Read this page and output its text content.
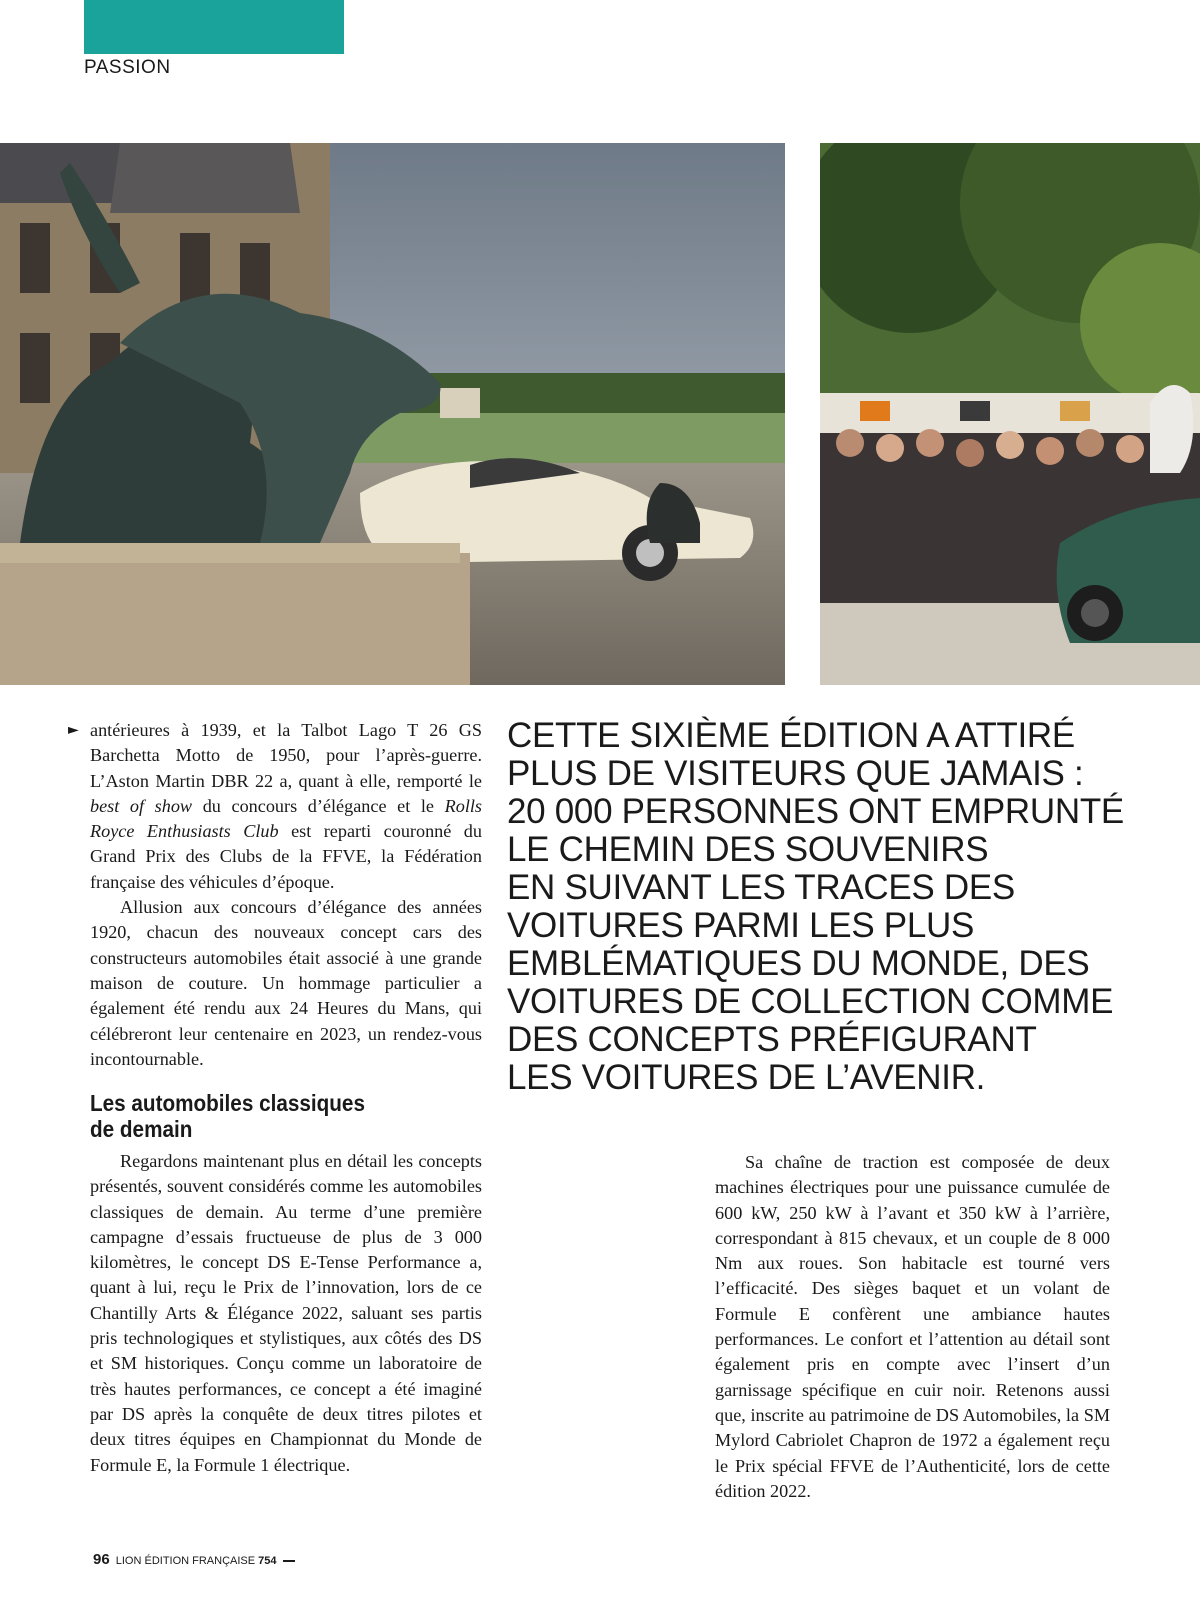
PASSION
► antérieures à 1939, et la Talbot Lago T 26 GS Barchetta Motto de 1950, pour l’après-guerre. L’Aston Martin DBR 22 a, quant à elle, remporté le best of show du concours d’élégance et le Rolls Royce Enthusiasts Club est reparti couronné du Grand Prix des Clubs de la FFVE, la Fédération française des véhicules d’époque.

Allusion aux concours d’élégance des années 1920, chacun des nouveaux concept cars des constructeurs automobiles était associé à une grande maison de couture. Un hommage particulier a également été rendu aux 24 Heures du Mans, qui célébreront leur centenaire en 2023, un rendez-vous incontournable.

Les automobiles classiques
de demain

Regardons maintenant plus en détail les concepts présentés, souvent considérés comme les automobiles classiques de demain. Au terme d’une première campagne d’essais fructueuse de plus de 3 000 kilomètres, le concept DS E-Tense Performance a, quant à lui, reçu le Prix de l’innovation, lors de ce Chantilly Arts & Élégance 2022, saluant ses partis pris technologiques et stylistiques, aux côtés des DS et SM historiques. Conçu comme un laboratoire de très hautes performances, ce concept a été imaginé par DS après la conquête de deux titres pilotes et deux titres équipes en Championnat du Monde de Formule E, la Formule 1 électrique.

CETTE SIXIÈME ÉDITION A ATTIRÉ
PLUS DE VISITEURS QUE JAMAIS :
20 000 PERSONNES ONT EMPRUNTÉ
LE CHEMIN DES SOUVENIRS
EN SUIVANT LES TRACES DES
VOITURES PARMI LES PLUS
EMBLÉMATIQUES DU MONDE, DES
VOITURES DE COLLECTION COMME
DES CONCEPTS PRÉFIGURANT
LES VOITURES DE L’AVENIR.

Sa chaîne de traction est composée de deux machines électriques pour une puissance cumulée de 600 kW, 250 kW à l’avant et 350 kW à l’arrière, correspondant à 815 chevaux, et un couple de 8 000 Nm aux roues. Son habitacle est tourné vers l’efficacité. Des sièges baquet et un volant de Formule E confèrent une ambiance hautes performances. Le confort et l’attention au détail sont également pris en compte avec l’insert d’un garnissage spécifique en cuir noir. Retenons aussi que, inscrite au patrimoine de DS Automobiles, la SM Mylord Cabriolet Chapron de 1972 a également reçu le Prix spécial FFVE de l’Authenticité, lors de cette édition 2022.

96 LION ÉDITION FRANÇAISE 754
